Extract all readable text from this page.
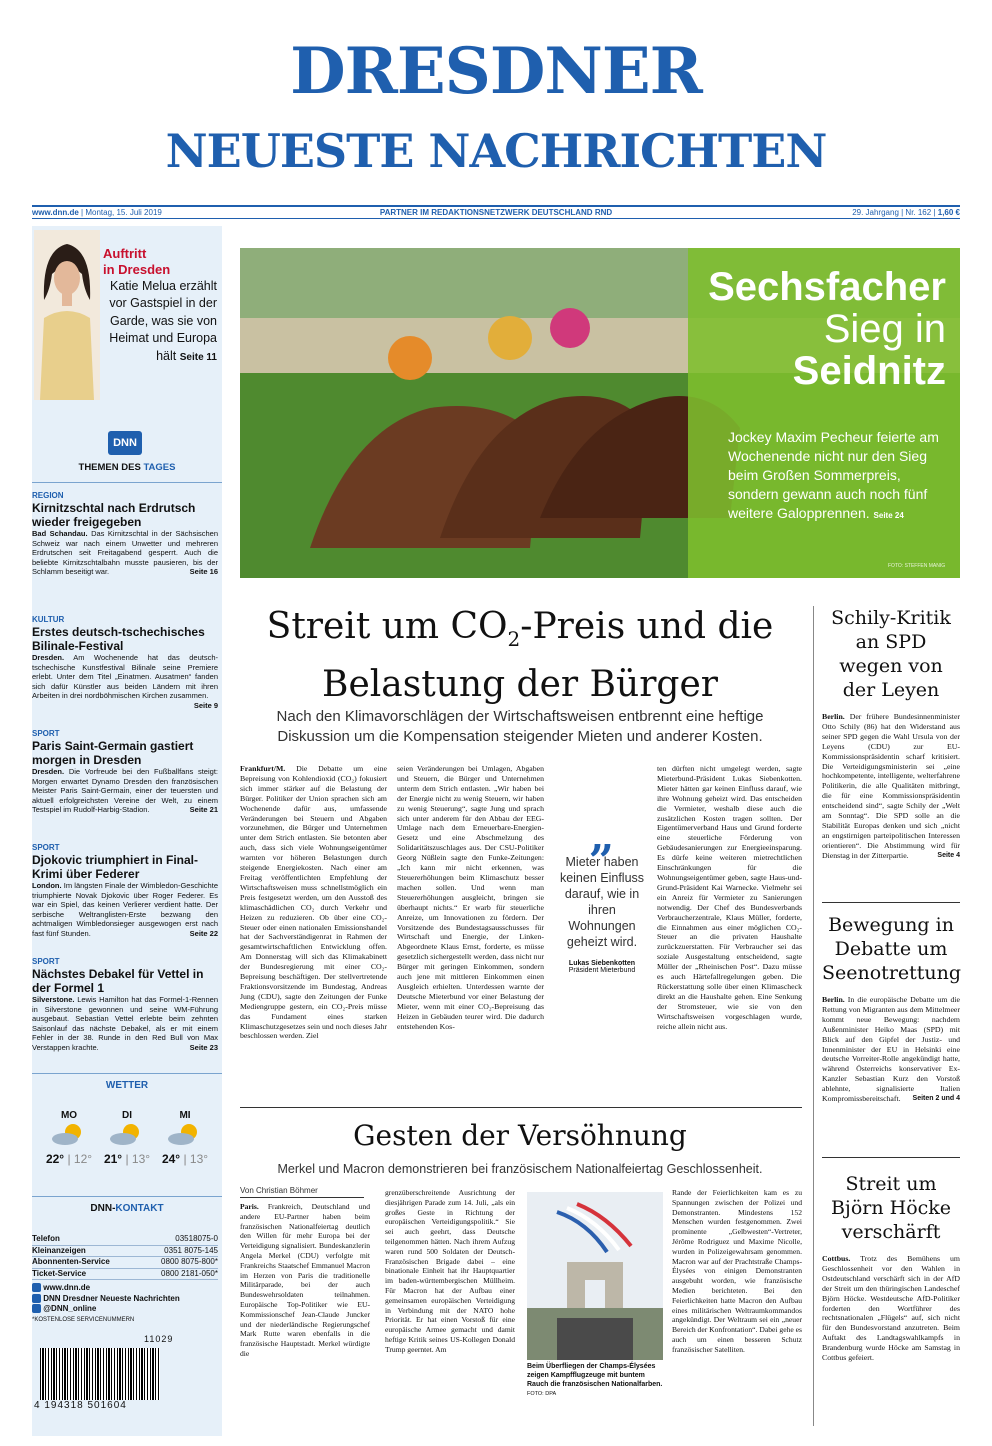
DRESDNER
NEUESTE NACHRICHTEN
www.dnn.de | Montag, 15. Juli 2019	PARTNER IM REDAKTIONSNETZWERK DEUTSCHLAND RND	29. Jahrgang | Nr. 162 | 1,60 €
Auftritt
in Dresden
Katie Melua erzählt vor Gastspiel in der Garde, was sie von Heimat und Europa hält Seite 11
DNN
THEMEN DES TAGES
REGION
Kirnitzschtal nach Erdrutsch wieder freigegeben
Bad Schandau. Das Kirnitzschtal in der Sächsischen Schweiz war nach einem Unwetter und mehreren Erdrutschen seit Freitagabend gesperrt. Auch die beliebte Kirnitzschtalbahn musste pausieren, bis der Schlamm beseitigt war.	Seite 16
KULTUR
Erstes deutsch-tschechisches Bilinale-Festival
Dresden. Am Wochenende hat das deutsch-tschechische Kunstfestival Bilinale seine Premiere erlebt. Unter dem Titel „Einatmen. Ausatmen“ fanden sich dafür Künstler aus beiden Ländern mit ihren Arbeiten in drei nordböhmischen Kirchen zusammen.
Seite 9
SPORT
Paris Saint-Germain gastiert morgen in Dresden
Dresden. Die Vorfreude bei den Fußballfans steigt: Morgen erwartet Dynamo Dresden den französischen Meister Paris Saint-Germain, einer der teuersten und aktuell erfolgreichsten Vereine der Welt, zu einem Testspiel im Rudolf-Harbig-Stadion.	Seite 21
SPORT
Djokovic triumphiert in Final-Krimi über Federer
London. Im längsten Finale der Wimbledon-Geschichte triumphierte Novak Djokovic über Roger Federer. Es war ein Spiel, das keinen Verlierer verdient hatte. Der serbische Weltranglisten-Erste bezwang den achtmaligen Wimbledonsieger ausgewogen erst nach fast fünf Stunden.	Seite 22
SPORT
Nächstes Debakel für Vettel in der Formel 1
Silverstone. Lewis Hamilton hat das Formel-1-Rennen in Silverstone gewonnen und seine WM-Führung ausgebaut. Sebastian Vettel erlebte beim zehnten Saisonlauf das nächste Debakel, als er mit einem Fehler in der 38. Runde in den Red Bull von Max Verstappen krachte.	Seite 23
WETTER
MO
22° | 12°
DI
21° | 13°
MI
24° | 13°
DNN-KONTAKT
Telefon	03518075-0
Kleinanzeigen	0351 8075-145
Abonnenten-Service	0800 8075-800*
Ticket-Service	0800 2181-050*
www.dnn.de
DNN Dresdner Neueste Nachrichten
@DNN_online
*KOSTENLOSE SERVICENUMMERN
11029
4 194318 501604
Sechsfacher
Sieg in
Seidnitz
Jockey Maxim Pecheur feierte am Wochenende nicht nur den Sieg beim Großen Sommerpreis, sondern gewann auch noch fünf weitere Galopprennen. Seite 24
FOTO: STEFFEN MANIG
Streit um $CO_2$-Preis und die
Belastung der Bürger
Nach den Klimavorschlägen der Wirtschaftsweisen entbrennt eine heftige Diskussion um die Kompensation steigender Mieten und anderer Kosten.
Frankfurt/M. Die Debatte um eine Bepreisung von Kohlendioxid (CO₂) fokusiert sich immer stärker auf die Belastung der Bürger. Politiker der Union sprachen sich am Wochenende dafür aus, umfassende Veränderungen bei Steuern und Abgaben vorzunehmen, die Bürger und Unternehmen unter dem Strich entlasten. Sie betonten aber auch, dass sich viele Wohnungseigentümer warnten vor höheren Belastungen durch steigende Energiekosten. Nach einer am Freitag veröffentlichten Empfehlung der Wirtschaftsweisen muss schnellstmöglich ein Preis festgesetzt werden, um den Ausstoß des klimaschädlichen CO₂ durch Verkehr und Heizen zu reduzieren. Ob über eine CO₂-Steuer oder einen nationalen Emissionshandel hat der Sachverständigenrat in Rahmen der gesamtwirtschaftlichen Entwicklung offen. Am Donnerstag will sich das Klimakabinett der Bundesregierung mit einer CO₂-Bepreisung beschäftigen. Der stellvertretende Fraktionsvorsitzende im Bundestag, Andreas Jung (CDU), sagte den Zeitungen der Funke Mediengruppe gestern, ein CO₂-Preis müsse das Fundament eines starken Klimaschutzgesetzes sein und noch dieses Jahr beschlossen werden. Ziel
seien Veränderungen bei Umlagen, Abgaben und Steuern, die Bürger und Unternehmen unterm dem Strich entlasten. „Wir haben bei der Energie nicht zu wenig Steuern, wir haben zu wenig Steuerung“, sagte Jung und sprach sich unter anderem für den Abbau der EEG-Umlage nach dem Erneuerbare-Energien-Gesetz und eine Abschmelzung des Solidaritätszuschlages aus. Der CSU-Politiker Georg Nüßlein sagte den Funke-Zeitungen: „Ich kann mir nicht erkennen, was Steuererhöhungen beim Klimaschutz besser machen sollen. Und wenn man Steuererhöhungen ausgleicht, bringen sie überhaupt nichts.“ Er warb für steuerliche Anreize, um Innovationen zu fördern. Der Vorsitzende des Bundestagsausschusses für Wirtschaft und Energie, der Linken-Abgeordnete Klaus Ernst, forderte, es müsse gesetzlich sichergestellt werden, dass nicht nur Bürger mit geringen Einkommen, sondern auch jene mit mittleren Einkommen einen Ausgleich erhielten. Unterdessen warnte der Deutsche Mieterbund vor einer Belastung der Mieter, wenn mit einer CO₂-Bepreisung das Heizen in Gebäuden teurer wird. Die dadurch entstehenden Kos-
„
Mieter haben keinen Einfluss darauf, wie in ihren Wohnungen geheizt wird.
Lukas Siebenkotten
Präsident Mieterbund
ten dürften nicht umgelegt werden, sagte Mieterbund-Präsident Lukas Siebenkotten. Mieter hätten gar keinen Einfluss darauf, wie ihre Wohnung geheizt wird. Das entscheiden die Vermieter, weshalb diese auch die zusätzlichen Kosten tragen sollten. Der Eigentümerverband Haus und Grund forderte eine steuerliche Förderung von Gebäudesanierungen zur Energieeinsparung. Es dürfe keine weiteren mietrechtlichen Einschränkungen für die Wohnungseigentümer geben, sagte Haus-und-Grund-Präsident Kai Warnecke. Vielmehr sei ein Anreiz für Vermieter zu Sanierungen notwendig. Der Chef des Bundesverbands Verbraucherzentrale, Klaus Müller, forderte, die Einnahmen aus einer möglichen CO₂-Steuer an die privaten Haushalte zurückzuerstatten. Für Verbraucher sei das soziale Ausgestaltung entscheidend, sagte Müller der „Rheinischen Post“. Dazu müsse es auch Härtefallregelungen geben. Die Rückerstattung solle über einen Klimascheck direkt an die Haushalte gehen. Eine Senkung der Stromsteuer, wie sie von den Wirtschaftsweisen vorgeschlagen wurde, reiche allein nicht aus.
Gesten der Versöhnung
Merkel und Macron demonstrieren bei französischem Nationalfeiertag Geschlossenheit.
Von Christian Böhmer
Paris. Frankreich, Deutschland und andere EU-Partner haben beim französischen Nationalfeiertag deutlich den Willen für mehr Europa bei der Verteidigung signalisiert. Bundeskanzlerin Angela Merkel (CDU) verfolgte mit Frankreichs Staatschef Emmanuel Macron im Herzen von Paris die traditionelle Militärparade, bei der auch Bundeswehrsoldaten teilnahmen. Europäische Top-Politiker wie EU-Kommissionschef Jean-Claude Juncker und der niederländische Regierungschef Mark Rutte waren ebenfalls in die französische Hauptstadt. Merkel würdigte die
grenzüberschreitende Ausrichtung der diesjährigen Parade zum 14. Juli, „als ein großes Geste in Richtung der europäischen Verteidigungspolitik.“ Sie sei auch geehrt, dass Deutsche teilgenommen hätten. Nach ihrem Aufzug waren rund 500 Soldaten der Deutsch-Französischen Brigade dabei – eine binationale Einheit hat ihr Hauptquartier im baden-württembergischen Müllheim. Für Macron hat der Aufbau einer gemeinsamen europäischen Verteidigung in Verbindung mit der NATO hohe Priorität. Er hat einen Vorstoß für eine europäische Armee gemacht und damit heftige Kritik seines US-Kollegen Donald Trump geerntet. Am
Beim Überfliegen der Champs-Élysées zeigen Kampfflugzeuge mit buntem Rauch die französischen Nationalfarben. FOTO: DPA
Rande der Feierlichkeiten kam es zu Spannungen zwischen der Polizei und Demonstranten. Mindestens 152 Menschen wurden festgenommen. Zwei prominente „Gelbwesten“-Vertreter, Jérôme Rodriguez und Maxime Nicolle, wurden in Polizeigewahrsam genommen. Macron war auf der Prachtstraße Champs-Élysées von einigen Demonstranten ausgebuht worden, wie französische Medien berichteten. Bei den Feierlichkeiten hatte Macron den Aufbau eines militärischen Weltraumkommandos angekündigt. Der Weltraum sei ein „neuer Bereich der Konfrontation“. Dabei gehe es auch um einen besseren Schutz französischer Satelliten.
Schily-Kritik an SPD wegen von der Leyen
Berlin. Der frühere Bundesinnenminister Otto Schily (86) hat den Widerstand aus seiner SPD gegen die Wahl Ursula von der Leyens (CDU) zur EU-Kommissionspräsidentin scharf kritisiert. Die Verteidigungsministerin sei „eine hochkompetente, intelligente, welterfahrene Politikerin, die alle Qualitäten mitbringt, die für eine Kommissionspräsidentin entscheidend sind“, sagte Schily der „Welt am Sonntag“. Die SPD solle an die Stabilität Europas denken und sich „nicht an engstirnigen parteipolitischen Interessen orientieren“. Die Abstimmung wird für Dienstag in der Zitterpartie.	Seite 4
Bewegung in Debatte um Seenotrettung
Berlin. In die europäische Debatte um die Rettung von Migranten aus dem Mittelmeer kommt neue Bewegung: nachdem Außenminister Heiko Maas (SPD) mit Blick auf den Gipfel der Justiz- und Innenminister der EU in Helsinki eine deutsche Vorreiter-Rolle angekündigt hatte, während Österreichs konservativer Ex-Kanzler Sebastian Kurz den Vorstoß ablehnte, signalisierte Italien Kompromissbereitschaft. Seiten 2 und 4
Streit um Björn Höcke verschärft
Cottbus. Trotz des Bemühens um Geschlossenheit vor den Wahlen in Ostdeutschland verschärft sich in der AfD der Streit um den thüringischen Landeschef Björn Höcke. Westdeutsche AfD-Politiker forderten den Wortführer des rechtsnationalen „Flügels“ auf, sich nicht für den Bundesvorstand anzutreten. Beim Auftakt des Landtagswahlkampfs in Brandenburg wurde Höcke am Samstag in Cottbus gefeiert.
